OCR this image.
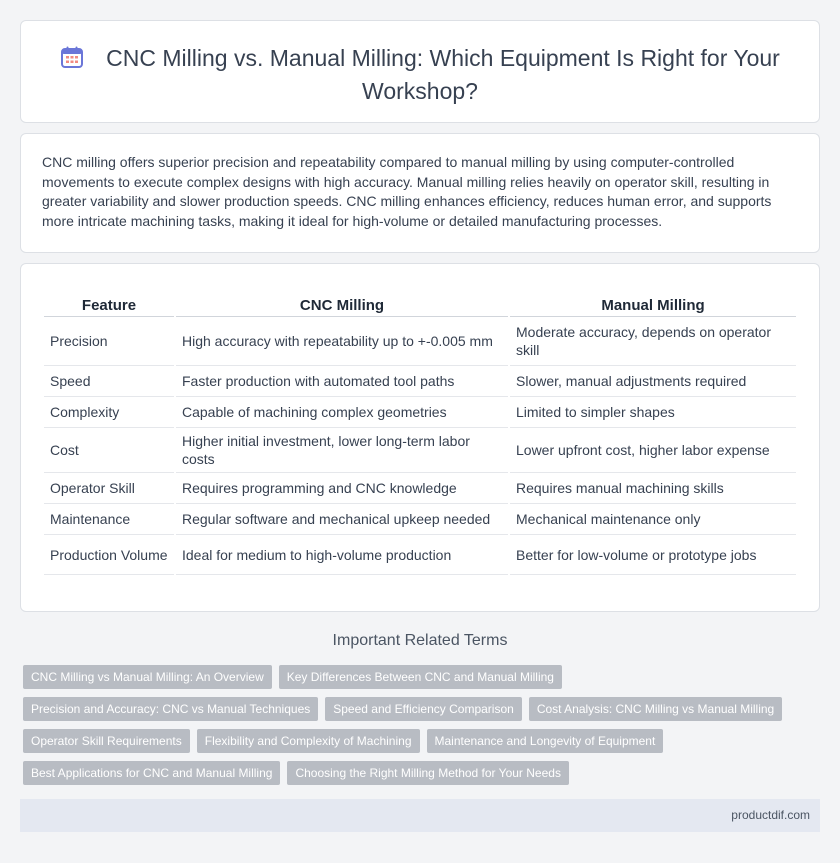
CNC Milling vs. Manual Milling: Which Equipment Is Right for Your Workshop?

CNC milling offers superior precision and repeatability compared to manual milling by using computer-controlled movements to execute complex designs with high accuracy. Manual milling relies heavily on operator skill, resulting in greater variability and slower production speeds. CNC milling enhances efficiency, reduces human error, and supports more intricate machining tasks, making it ideal for high-volume or detailed manufacturing processes.

Feature	CNC Milling	Manual Milling
Precision	High accuracy with repeatability up to +-0.005 mm	Moderate accuracy, depends on operator skill
Speed	Faster production with automated tool paths	Slower, manual adjustments required
Complexity	Capable of machining complex geometries	Limited to simpler shapes
Cost	Higher initial investment, lower long-term labor costs	Lower upfront cost, higher labor expense
Operator Skill	Requires programming and CNC knowledge	Requires manual machining skills
Maintenance	Regular software and mechanical upkeep needed	Mechanical maintenance only
Production Volume	Ideal for medium to high-volume production	Better for low-volume or prototype jobs
Important Related Terms
CNC Milling vs Manual Milling: An Overview Key Differences Between CNC and Manual Milling
Precision and Accuracy: CNC vs Manual Techniques Speed and Efficiency Comparison Cost Analysis: CNC Milling vs Manual Milling
Operator Skill Requirements Flexibility and Complexity of Machining Maintenance and Longevity of Equipment
Best Applications for CNC and Manual Milling Choosing the Right Milling Method for Your Needs
productdif.com
